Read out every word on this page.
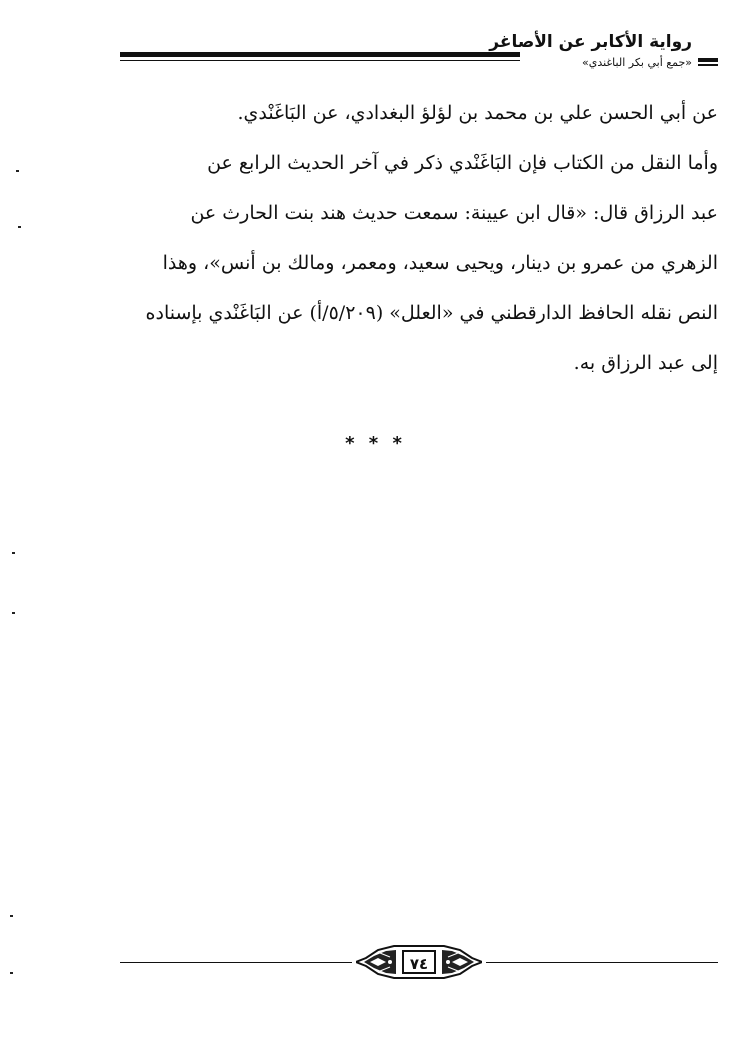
رواية الأكابر عن الأصاغر
«جمع أبي بكر الباغندي»
عن أبي الحسن علي بن محمد بن لؤلؤ البغدادي، عن البَاغَنْدي.
وأما النقل من الكتاب فإن البَاغَنْدي ذكر في آخر الحديث الرابع عن
عبد الرزاق قال: «قال ابن عيينة: سمعت حديث هند بنت الحارث عن
الزهري من عمرو بن دينار، ويحيى سعيد، ومعمر، ومالك بن أنس»، وهذا
النص نقله الحافظ الدارقطني في «العلل» (٥/٢٠٩/أ) عن البَاغَنْدي بإسناده
إلى عبد الرزاق به.
* * *
٧٤
